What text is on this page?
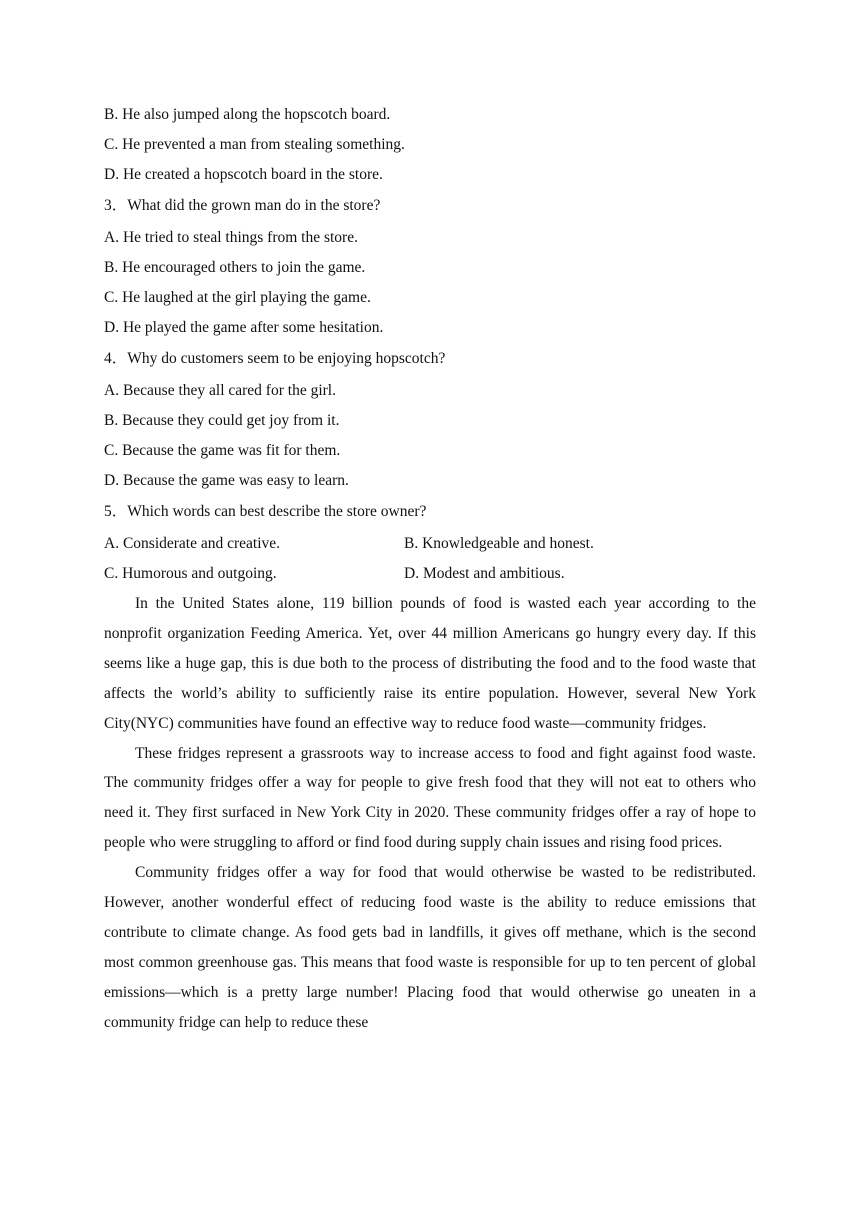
B. He also jumped along the hopscotch board.
C. He prevented a man from stealing something.
D. He created a hopscotch board in the store.
3．What did the grown man do in the store?
A. He tried to steal things from the store.
B. He encouraged others to join the game.
C. He laughed at the girl playing the game.
D. He played the game after some hesitation.
4．Why do customers seem to be enjoying hopscotch?
A. Because they all cared for the girl.
B. Because they could get joy from it.
C. Because the game was fit for them.
D. Because the game was easy to learn.
5．Which words can best describe the store owner?
A. Considerate and creative.	B. Knowledgeable and honest.
C. Humorous and outgoing.	D. Modest and ambitious.

In the United States alone, 119 billion pounds of food is wasted each year according to the nonprofit organization Feeding America. Yet, over 44 million Americans go hungry every day. If this seems like a huge gap, this is due both to the process of distributing the food and to the food waste that affects the world’s ability to sufficiently raise its entire population. However, several New York City(NYC) communities have found an effective way to reduce food waste—community fridges.

These fridges represent a grassroots way to increase access to food and fight against food waste. The community fridges offer a way for people to give fresh food that they will not eat to others who need it. They first surfaced in New York City in 2020. These community fridges offer a ray of hope to people who were struggling to afford or find food during supply chain issues and rising food prices.

Community fridges offer a way for food that would otherwise be wasted to be redistributed. However, another wonderful effect of reducing food waste is the ability to reduce emissions that contribute to climate change. As food gets bad in landfills, it gives off methane, which is the second most common greenhouse gas. This means that food waste is responsible for up to ten percent of global emissions—which is a pretty large number! Placing food that would otherwise go uneaten in a community fridge can help to reduce these
